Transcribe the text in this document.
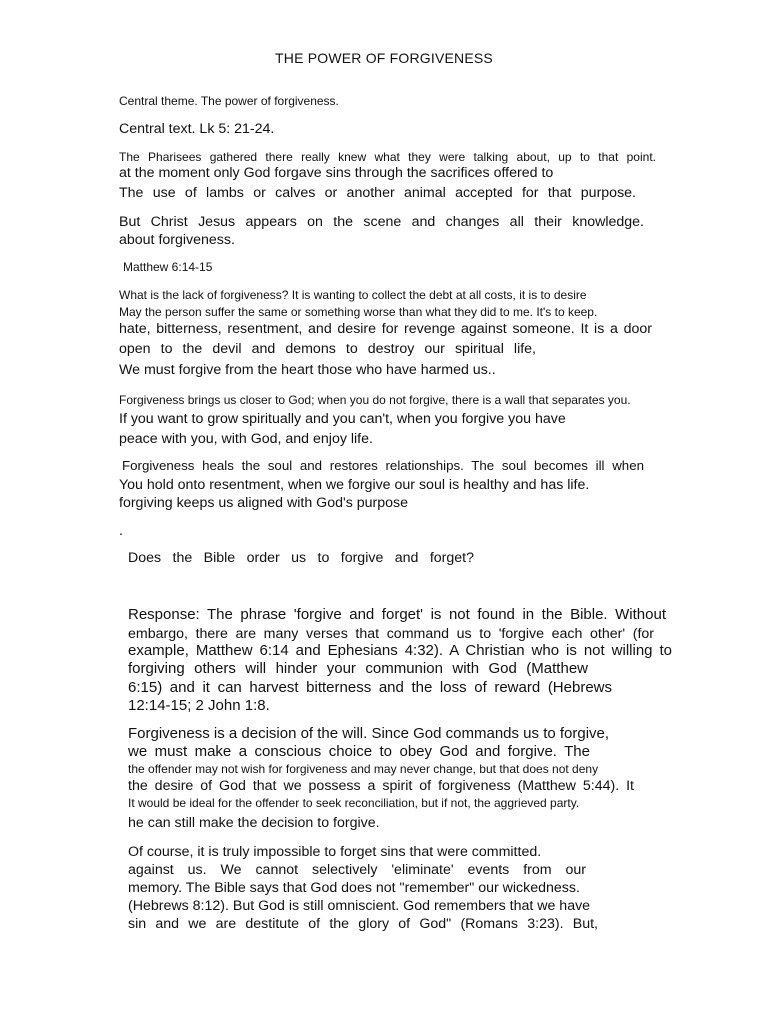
THE POWER OF FORGIVENESS

Central theme. The power of forgiveness.

Central text. Lk 5: 21-24.

The Pharisees gathered there really knew what they were talking about, up to that point.

at the moment only God forgave sins through the sacrifices offered to

The use of lambs or calves or another animal accepted for that purpose.

But Christ Jesus appears on the scene and changes all their knowledge.

about forgiveness.

Matthew 6:14-15

What is the lack of forgiveness? It is wanting to collect the debt at all costs, it is to desire

May the person suffer the same or something worse than what they did to me. It's to keep.

hate, bitterness, resentment, and desire for revenge against someone. It is a door

open to the devil and demons to destroy our spiritual life,

We must forgive from the heart those who have harmed us..

Forgiveness brings us closer to God; when you do not forgive, there is a wall that separates you.

If you want to grow spiritually and you can't, when you forgive you have

peace with you, with God, and enjoy life.

Forgiveness heals the soul and restores relationships. The soul becomes ill when

You hold onto resentment, when we forgive our soul is healthy and has life.

forgiving keeps us aligned with God's purpose

.

Does the Bible order us to forgive and forget?

Response: The phrase 'forgive and forget' is not found in the Bible. Without

embargo, there are many verses that command us to 'forgive each other' (for

example, Matthew 6:14 and Ephesians 4:32). A Christian who is not willing to

forgiving others will hinder your communion with God (Matthew

6:15) and it can harvest bitterness and the loss of reward (Hebrews

12:14-15; 2 John 1:8.

Forgiveness is a decision of the will. Since God commands us to forgive,

we must make a conscious choice to obey God and forgive. The

the offender may not wish for forgiveness and may never change, but that does not deny

the desire of God that we possess a spirit of forgiveness (Matthew 5:44). It

It would be ideal for the offender to seek reconciliation, but if not, the aggrieved party.

he can still make the decision to forgive.

Of course, it is truly impossible to forget sins that were committed.

against us. We cannot selectively 'eliminate' events from our

memory. The Bible says that God does not "remember" our wickedness.

(Hebrews 8:12). But God is still omniscient. God remembers that we have

sin and we are destitute of the glory of God" (Romans 3:23). But,
